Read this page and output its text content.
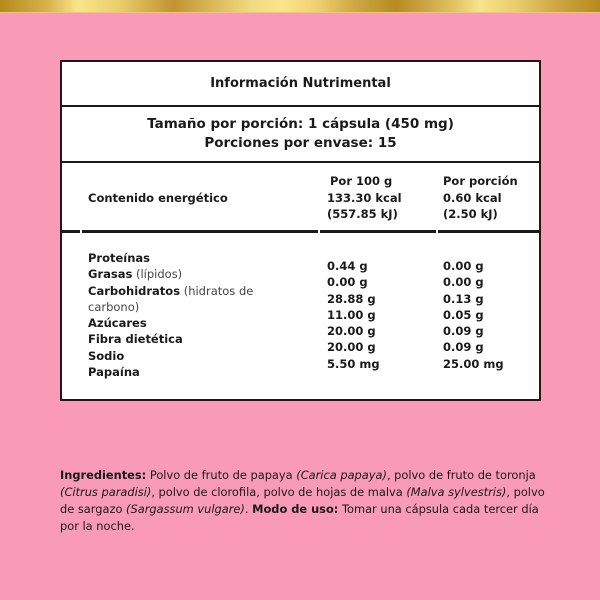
Información Nutrimental
Tamaño por porción: 1 cápsula (450 mg)
Porciones por envase: 15
Contenido energético
Por 100 g
133.30 kcal
(557.85 kJ)
Por porción
0.60 kcal
(2.50 kJ)
Proteínas
Grasas (lípidos)
Carbohidratos (hidratos de
carbono)
Azúcares
Fibra dietética
Sodio
Papaína
0.44 g
0.00 g
28.88 g
11.00 g
20.00 g
20.00 g
5.50 mg
0.00 g
0.00 g
0.13 g
0.05 g
0.09 g
0.09 g
25.00 mg
Ingredientes: Polvo de fruto de papaya (Carica papaya), polvo de fruto de toronja (Citrus paradisi), polvo de clorofila, polvo de hojas de malva (Malva sylvestris), polvo de sargazo (Sargassum vulgare). Modo de uso: Tomar una cápsula cada tercer día por la noche.
